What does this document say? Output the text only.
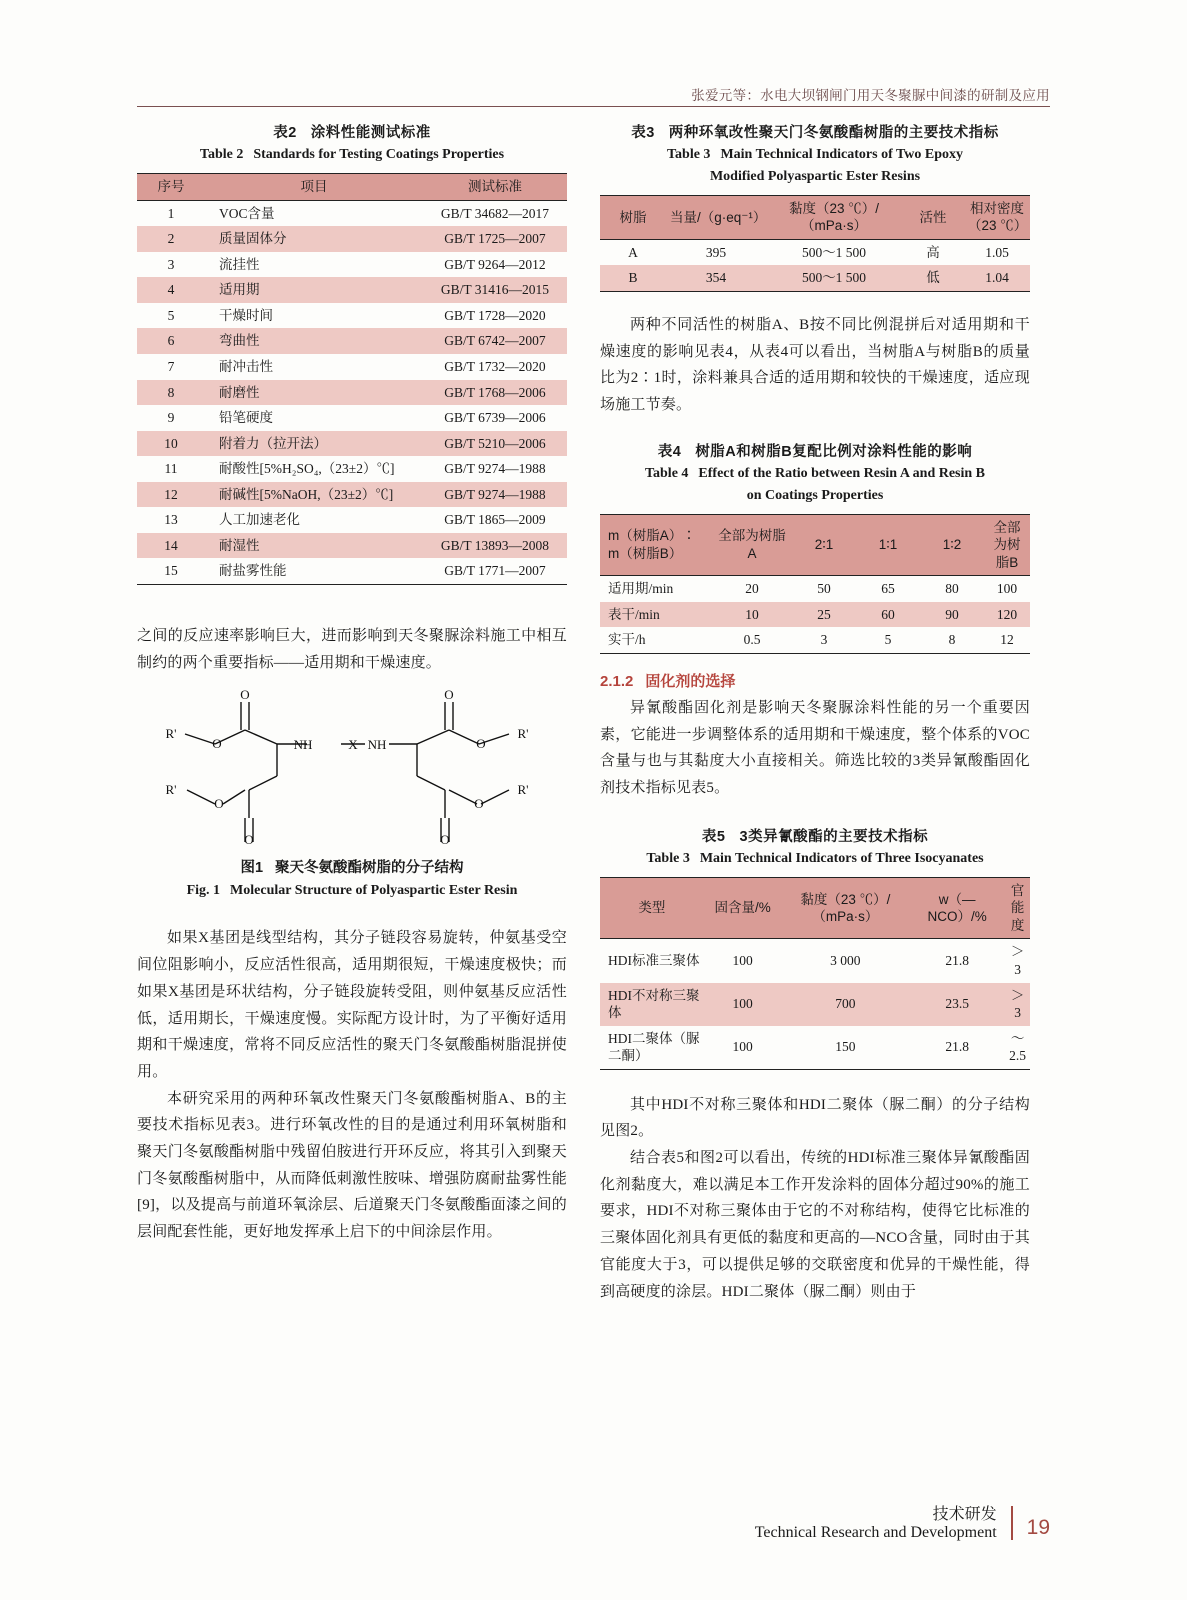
张爱元等：水电大坝钢闸门用天冬聚脲中间漆的研制及应用
表2 涂料性能测试标准
Table 2 Standards for Testing Coatings Properties
序号	项目	测试标准
1	VOC含量	GB/T 34682—2017
2	质量固体分	GB/T 1725—2007
3	流挂性	GB/T 9264—2012
4	适用期	GB/T 31416—2015
5	干燥时间	GB/T 1728—2020
6	弯曲性	GB/T 6742—2007
7	耐冲击性	GB/T 1732—2020
8	耐磨性	GB/T 1768—2006
9	铅笔硬度	GB/T 6739—2006
10	附着力（拉开法）	GB/T 5210—2006
11	耐酸性[5%H₂SO₄,（23±2）℃]	GB/T 9274—1988
12	耐碱性[5%NaOH,（23±2）℃]	GB/T 9274—1988
13	人工加速老化	GB/T 1865—2009
14	耐湿性	GB/T 13893—2008
15	耐盐雾性能	GB/T 1771—2007

之间的反应速率影响巨大，进而影响到天冬聚脲涂料施工中相互制约的两个重要指标——适用期和干燥速度。

NH	X NH
O	O
O	O
O	O
O	O
R'	R'
R'	R'
图1 聚天冬氨酸酯树脂的分子结构
Fig. 1 Molecular Structure of Polyaspartic Ester Resin

如果X基团是线型结构，其分子链段容易旋转，仲氨基受空间位阻影响小，反应活性很高，适用期很短，干燥速度极快；而如果X基团是环状结构，分子链段旋转受阻，则仲氨基反应活性低，适用期长，干燥速度慢。实际配方设计时，为了平衡好适用期和干燥速度，常将不同反应活性的聚天门冬氨酸酯树脂混拼使用。

本研究采用的两种环氧改性聚天门冬氨酸酯树脂A、B的主要技术指标见表3。进行环氧改性的目的是通过利用环氧树脂和聚天门冬氨酸酯树脂中残留伯胺进行开环反应，将其引入到聚天门冬氨酸酯树脂中，从而降低刺激性胺味、增强防腐耐盐雾性能[9]，以及提高与前道环氧涂层、后道聚天门冬氨酸酯面漆之间的层间配套性能，更好地发挥承上启下的中间涂层作用。

表3 两种环氧改性聚天门冬氨酸酯树脂的主要技术指标
Table 3 Main Technical Indicators of Two Epoxy
Modified Polyaspartic Ester Resins
树脂	当量/（g·eq⁻¹）	黏度（23 ℃）/（mPa·s）	活性	相对密度（23 ℃）
A	395	500～1 500	高	1.05
B	354	500～1 500	低	1.04

两种不同活性的树脂A、B按不同比例混拼后对适用期和干燥速度的影响见表4，从表4可以看出，当树脂A与树脂B的质量比为2∶1时，涂料兼具合适的适用期和较快的干燥速度，适应现场施工节奏。

表4 树脂A和树脂B复配比例对涂料性能的影响
Table 4 Effect of the Ratio between Resin A and Resin B
on Coatings Properties
m（树脂A）∶
m（树脂B）	全部为树脂A	2∶1	1∶1	1∶2	全部为树脂B
适用期/min	20	50	65	80	100
表干/min	10	25	60	90	120
实干/h	0.5	3	5	8	12
2.1.2 固化剂的选择

异氰酸酯固化剂是影响天冬聚脲涂料性能的另一个重要因素，它能进一步调整体系的适用期和干燥速度，整个体系的VOC含量与也与其黏度大小直接相关。筛选比较的3类异氰酸酯固化剂技术指标见表5。

表5 3类异氰酸酯的主要技术指标
Table 3 Main Technical Indicators of Three Isocyanates
类型	固含量/%	黏度（23 ℃）/（mPa·s）	w（—NCO）/%	官能度
HDI标准三聚体	100	3 000	21.8	＞3
HDI不对称三聚体	100	700	23.5	＞3
HDI二聚体（脲二酮）	100	150	21.8	～2.5

其中HDI不对称三聚体和HDI二聚体（脲二酮）的分子结构见图2。

结合表5和图2可以看出，传统的HDI标准三聚体异氰酸酯固化剂黏度大，难以满足本工作开发涂料的固体分超过90%的施工要求，HDI不对称三聚体由于它的不对称结构，使得它比标准的三聚体固化剂具有更低的黏度和更高的—NCO含量，同时由于其官能度大于3，可以提供足够的交联密度和优异的干燥性能，得到高硬度的涂层。HDI二聚体（脲二酮）则由于

技术研发
Technical Research and Development 19
